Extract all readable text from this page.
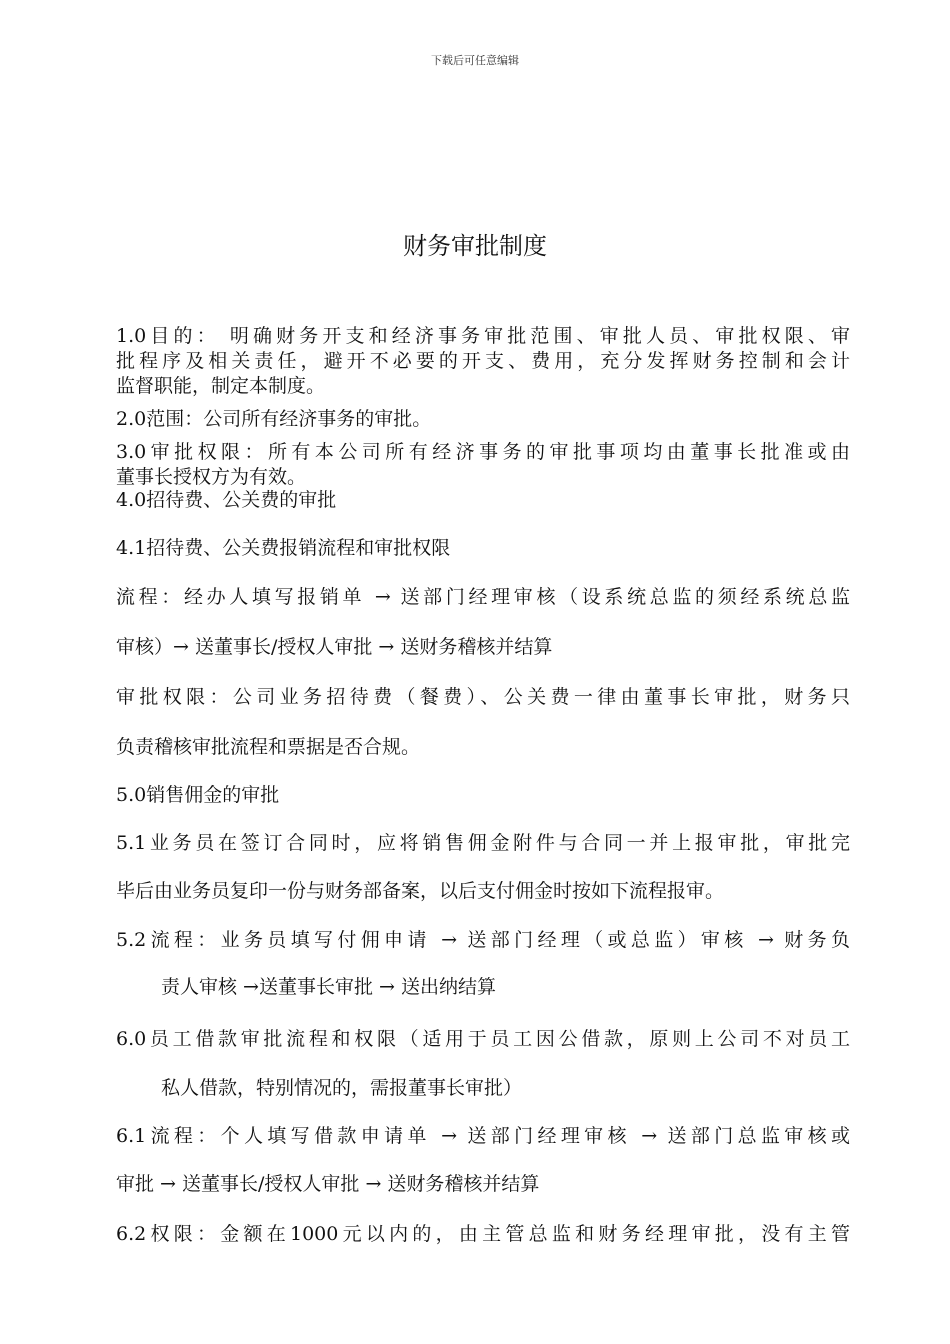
下载后可任意编辑
财务审批制度
1.0目的： 明确财务开支和经济事务审批范围、审批人员、审批权限、审
批程序及相关责任，避开不必要的开支、费用，充分发挥财务控制和会计
监督职能，制定本制度。
2.0范围：公司所有经济事务的审批。
3.0审批权限：所有本公司所有经济事务的审批事项均由董事长批准或由
董事长授权方为有效。
4.0招待费、公关费的审批
4.1招待费、公关费报销流程和审批权限
流程：经办人填写报销单 → 送部门经理审核（设系统总监的须经系统总监
审核）→ 送董事长/授权人审批 → 送财务稽核并结算
审批权限：公司业务招待费（餐费）、公关费一律由董事长审批，财务只
负责稽核审批流程和票据是否合规。
5.0销售佣金的审批
5.1业务员在签订合同时，应将销售佣金附件与合同一并上报审批，审批完
毕后由业务员复印一份与财务部备案，以后支付佣金时按如下流程报审。
5.2流程：业务员填写付佣申请 → 送部门经理（或总监）审核 → 财务负
责人审核 →送董事长审批 → 送出纳结算
6.0员工借款审批流程和权限（适用于员工因公借款，原则上公司不对员工
私人借款，特别情况的，需报董事长审批）
6.1流程：个人填写借款申请单 → 送部门经理审核 → 送部门总监审核或
审批 → 送董事长/授权人审批 → 送财务稽核并结算
6.2权限：金额在1000元以内的，由主管总监和财务经理审批，没有主管
